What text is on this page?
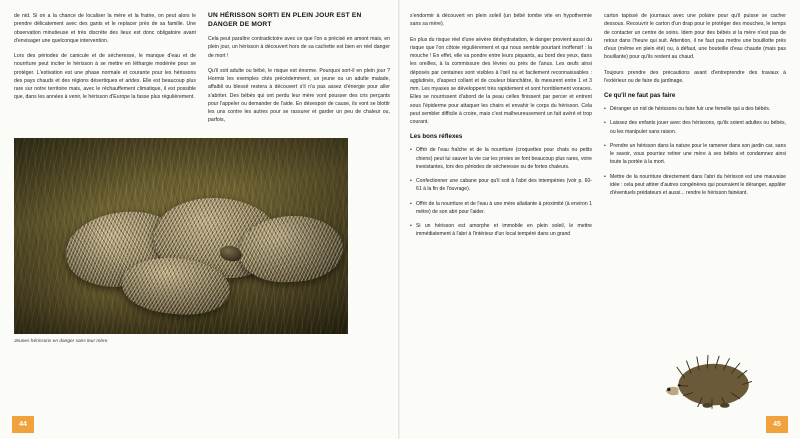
de nid. Si on a la chance de localiser la mère et la fratrie, on peut alors le prendre délicatement avec des gants et le replacer près de sa famille. Une observation minutieuse et très discrète des lieux est donc obligatoire avant d'envisager une quelconque intervention.

Lors des périodes de canicule et de sécheresse, le manque d'eau et de nourriture peut inciter le hérisson à se mettre en léthargie modérée pour se protéger. L'estivation est une phase normale et courante pour les hérissons des pays chauds et des régions désertiques et arides. Elle est beaucoup plus rare sur notre territoire mais, avec le réchauffement climatique, il est possible que, dans les années à venir, le hérisson d'Europe la fasse plus régulièrement.

UN HÉRISSON SORTI EN PLEIN JOUR EST EN DANGER DE MORT

Cela peut paraître contradictoire avec ce que l'on a précisé en amont mais, en plein jour, un hérisson à découvert hors de sa cachette est bien en réel danger de mort !

Qu'il soit adulte ou bébé, le risque est énorme. Pourquoi sort-il en plein jour ? Hormis les exemples cités précédemment, un jeune ou un adulte malade, affaibli ou blessé restera à découvert s'il n'a pas assez d'énergie pour aller s'abriter. Des bébés qui ont perdu leur mère vont pousser des cris perçants pour l'appeler ou demander de l'aide. En désespoir de cause, ils vont se blottir les uns contre les autres pour se rassurer et garder un peu de chaleur ou, parfois,

Jeunes hérissons en danger sans leur mère.
44

s'endormir à découvert en plein soleil (un bébé tombe vite en hypothermie sans sa mère).

En plus du risque réel d'une sévère déshydratation, le danger provient aussi du risque que l'on côtoie régulièrement et qui nous semble pourtant inoffensif : la mouche ! En effet, elle va pondre entre leurs piquants, au bord des yeux, dans les oreilles, à la commissure des lèvres ou près de l'anus. Les œufs ainsi déposés par centaines sont visibles à l'œil nu et facilement reconnaissables : agglutinés, d'aspect collant et de couleur blanchâtre, ils mesurent entre 1 et 3 mm. Les myases se développent très rapidement et sont horriblement voraces. Elles se nourrissent d'abord de la peau celles finissent par percer et entrent sous l'épiderme pour attaquer les chairs et envahir le corps du hérisson. Cela peut sembler difficile à croire, mais c'est malheureusement un fait avéré et trop courant.

Les bons réflexes
• Offrir de l'eau fraîche et de la nourriture (croquettes pour chats ou petits chiens) peut lui sauver la vie car les proies se font beaucoup plus rares, voire inexistantes, lors des périodes de sécheresse ou de fortes chaleurs.
• Confectionner une cabane pour qu'il soit à l'abri des intempéries (voir p. 60-61 à la fin de l'ouvrage).
• Offrir de la nourriture et de l'eau à une mère allaitante à proximité (à environ 1 mètre) de son abri pour l'aider.
• Si un hérisson est amorphe et immobile en plein soleil, le mettre immédiatement à l'abri à l'intérieur d'un local tempéré dans un grand

carton tapissé de journaux avec une polaire pour qu'il puisse se cacher dessous. Recouvrir le carton d'un drap pour le protéger des mouches, le temps de contacter un centre de soins. Idem pour des bébés si la mère n'est pas de retour dans l'heure qui suit. Attention, il ne faut pas mettre une bouillotte près d'eux (même en plein été) ou, à défaut, une bouteille d'eau chaude (mais pas bouillante) pour qu'ils restent au chaud.

Toujours prendre des précautions avant d'entreprendre des travaux à l'extérieur ou de faire du jardinage.

Ce qu'il ne faut pas faire
• Déranger un nid de hérissons ou faire fuir une femelle qui a des bébés.
• Laissez des enfants jouer avec des hérissons, qu'ils soient adultes ou bébés, ou les manipuler sans raison.
• Prendre un hérisson dans la nature pour le ramener dans son jardin car, sans le savoir, vous pourriez retirer une mère à ses bébés et condamnez ainsi toute la portée à la mort.
• Mettre de la nourriture directement dans l'abri du hérisson est une mauvaise idée : cela peut attirer d'autres congénères qui pourraient le déranger, appâter d'éventuels prédateurs et aussi... rendre le hérisson fainéant.
45
